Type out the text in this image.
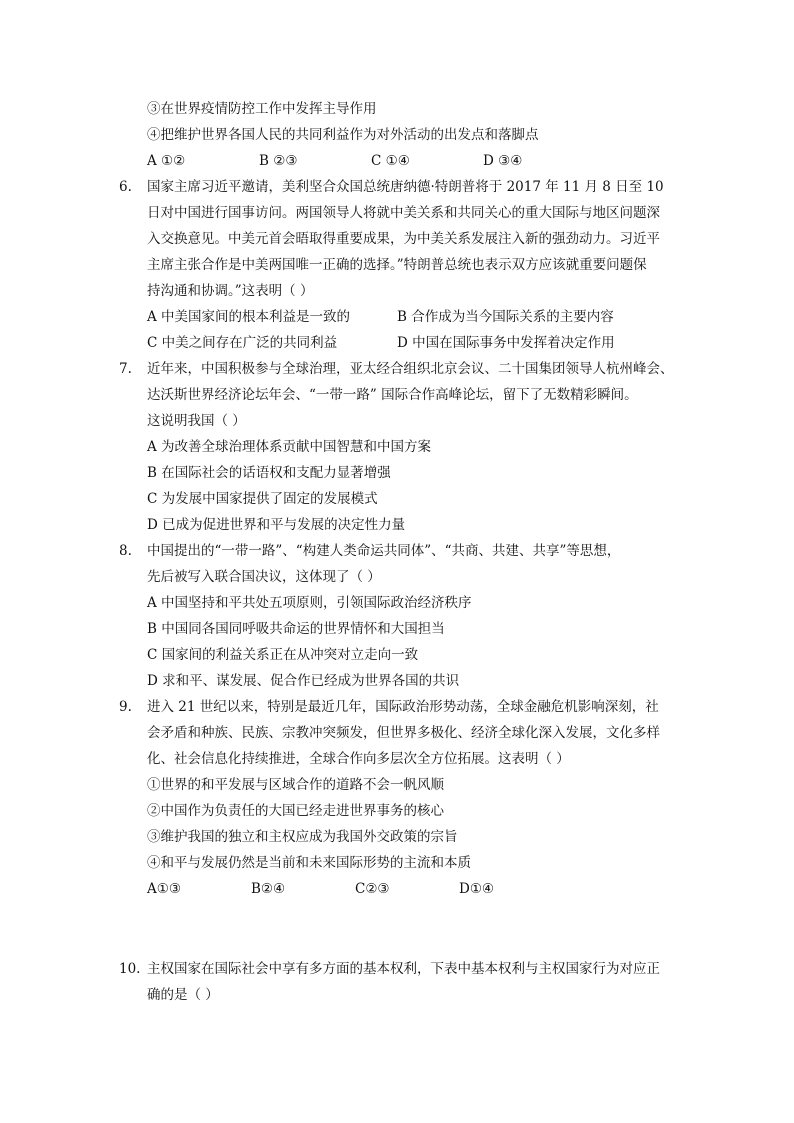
③在世界疫情防控工作中发挥主导作用
④把维护世界各国人民的共同利益作为对外活动的出发点和落脚点
A ①②	B ②③	C ①④	D ③④
6. 国家主席习近平邀请，美利坚合众国总统唐纳德·特朗普将于 2017 年 11 月 8 日至 10
日对中国进行国事访问。两国领导人将就中美关系和共同关心的重大国际与地区问题深
入交换意见。中美元首会晤取得重要成果，为中美关系发展注入新的强劲动力。习近平
主席主张合作是中美两国唯一正确的选择。”特朗普总统也表示双方应该就重要问题保
持沟通和协调。”这表明（ ）
A 中美国家间的根本利益是一致的	B 合作成为当今国际关系的主要内容
C 中美之间存在广泛的共同利益	D 中国在国际事务中发挥着决定作用
7. 近年来，中国积极参与全球治理，亚太经合组织北京会议、二十国集团领导人杭州峰会、
达沃斯世界经济论坛年会、“一带一路” 国际合作高峰论坛，留下了无数精彩瞬间。
这说明我国（ ）
A 为改善全球治理体系贡献中国智慧和中国方案
B 在国际社会的话语权和支配力显著增强
C 为发展中国家提供了固定的发展模式
D 已成为促进世界和平与发展的决定性力量
8. 中国提出的“一带一路”、“构建人类命运共同体”、“共商、共建、共享”等思想，
先后被写入联合国决议，这体现了（ ）
A 中国坚持和平共处五项原则，引领国际政治经济秩序
B 中国同各国同呼吸共命运的世界情怀和大国担当
C 国家间的利益关系正在从冲突对立走向一致
D 求和平、谋发展、促合作已经成为世界各国的共识
9. 进入 21 世纪以来，特别是最近几年，国际政治形势动荡，全球金融危机影响深刻，社
会矛盾和种族、民族、宗教冲突频发，但世界多极化、经济全球化深入发展，文化多样
化、社会信息化持续推进，全球合作向多层次全方位拓展。这表明（ ）
①世界的和平发展与区域合作的道路不会一帆风顺
②中国作为负责任的大国已经走进世界事务的核心
③维护我国的独立和主权应成为我国外交政策的宗旨
④和平与发展仍然是当前和未来国际形势的主流和本质
A①③	B②④	C②③	D①④
10. 主权国家在国际社会中享有多方面的基本权利，下表中基本权利与主权国家行为对应正
确的是（ ）
